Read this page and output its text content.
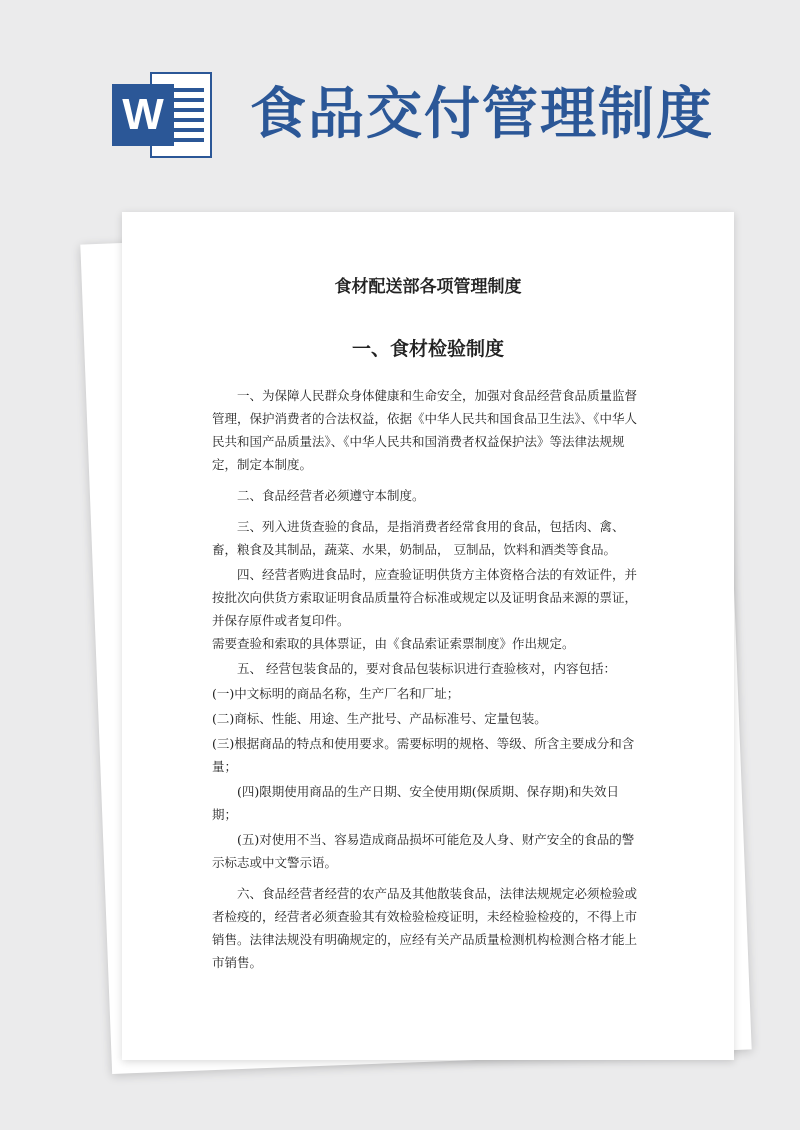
W 食品交付管理制度
食材配送部各项管理制度
一、食材检验制度

一、为保障人民群众身体健康和生命安全，加强对食品经营食品质量监督管理，保护消费者的合法权益，依据《中华人民共和国食品卫生法》、《中华人民共和国产品质量法》、《中华人民共和国消费者权益保护法》等法律法规规定，制定本制度。

二、食品经营者必须遵守本制度。

三、列入进货查验的食品，是指消费者经常食用的食品，包括肉、禽、畜，粮食及其制品，蔬菜、水果，奶制品， 豆制品，饮料和酒类等食品。

四、经营者购进食品时，应查验证明供货方主体资格合法的有效证件，并按批次向供货方索取证明食品质量符合标准或规定以及证明食品来源的票证，并保存原件或者复印件。

需要查验和索取的具体票证，由《食品索证索票制度》作出规定。

五、 经营包装食品的，要对食品包装标识进行查验核对，内容包括：

(一)中文标明的商品名称，生产厂名和厂址；

(二)商标、性能、用途、生产批号、产品标准号、定量包装。

(三)根据商品的特点和使用要求。需要标明的规格、等级、所含主要成分和含量；

(四)限期使用商品的生产日期、安全使用期(保质期、保存期)和失效日期；

(五)对使用不当、容易造成商品损坏可能危及人身、财产安全的食品的警示标志或中文警示语。

六、食品经营者经营的农产品及其他散装食品，法律法规规定必须检验或者检疫的，经营者必须查验其有效检验检疫证明，未经检验检疫的，不得上市销售。法律法规没有明确规定的，应经有关产品质量检测机构检测合格才能上市销售。
